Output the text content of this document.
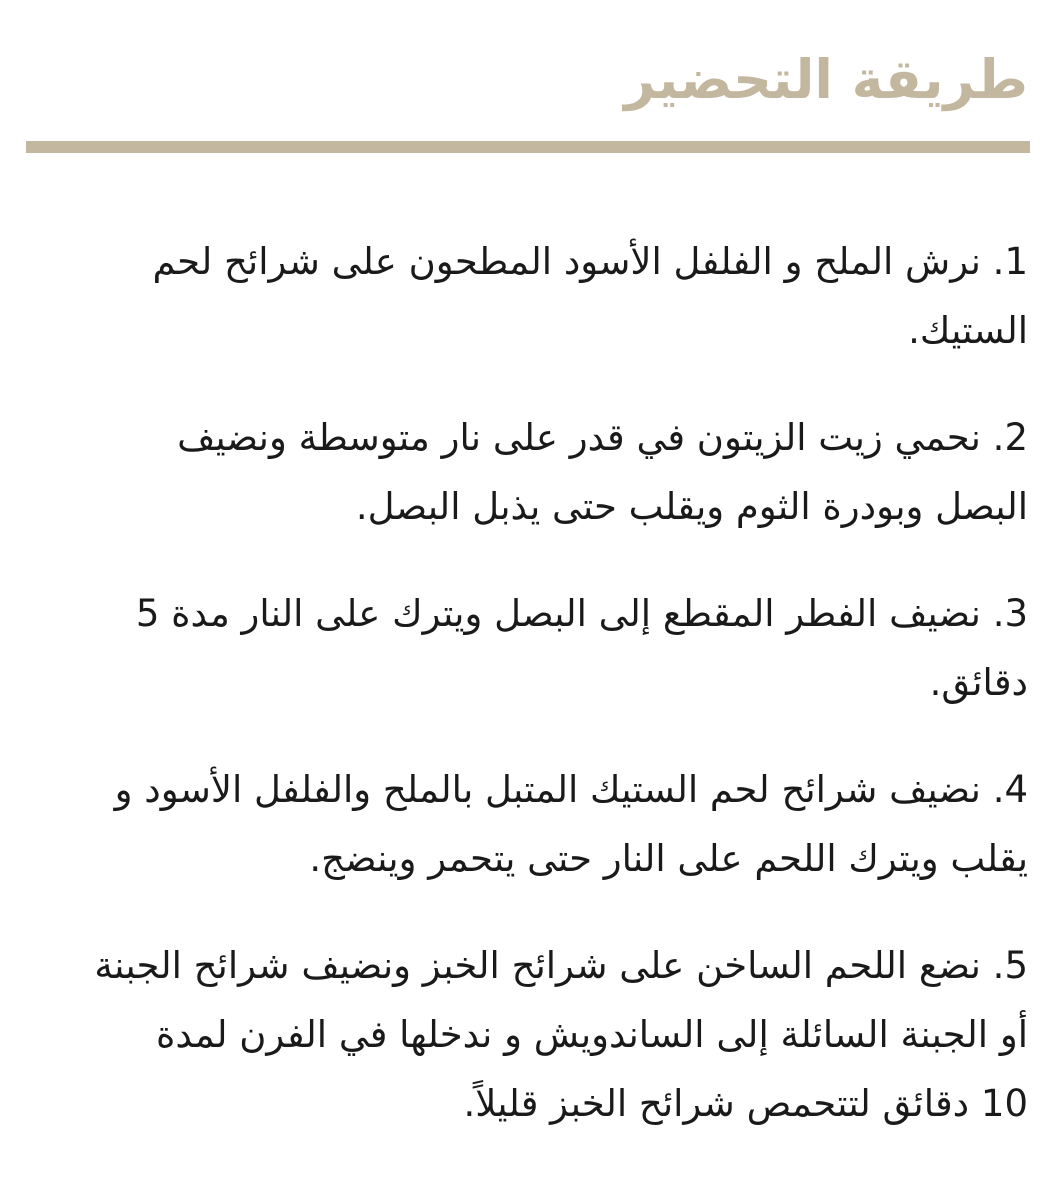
طريقة التحضير
1. نرش الملح و الفلفل الأسود المطحون على شرائح لحم
الستيك.
2. نحمي زيت الزيتون في قدر على نار متوسطة ونضيف
البصل وبودرة الثوم ويقلب حتى يذبل البصل.
3. نضيف الفطر المقطع إلى البصل ويترك على النار مدة 5
دقائق.
4. نضيف شرائح لحم الستيك المتبل بالملح والفلفل الأسود و
يقلب ويترك اللحم على النار حتى يتحمر وينضج.
5. نضع اللحم الساخن على شرائح الخبز ونضيف شرائح الجبنة
أو الجبنة السائلة إلى الساندويش و ندخلها في الفرن لمدة
10 دقائق لتتحمص شرائح الخبز قليلاً.
